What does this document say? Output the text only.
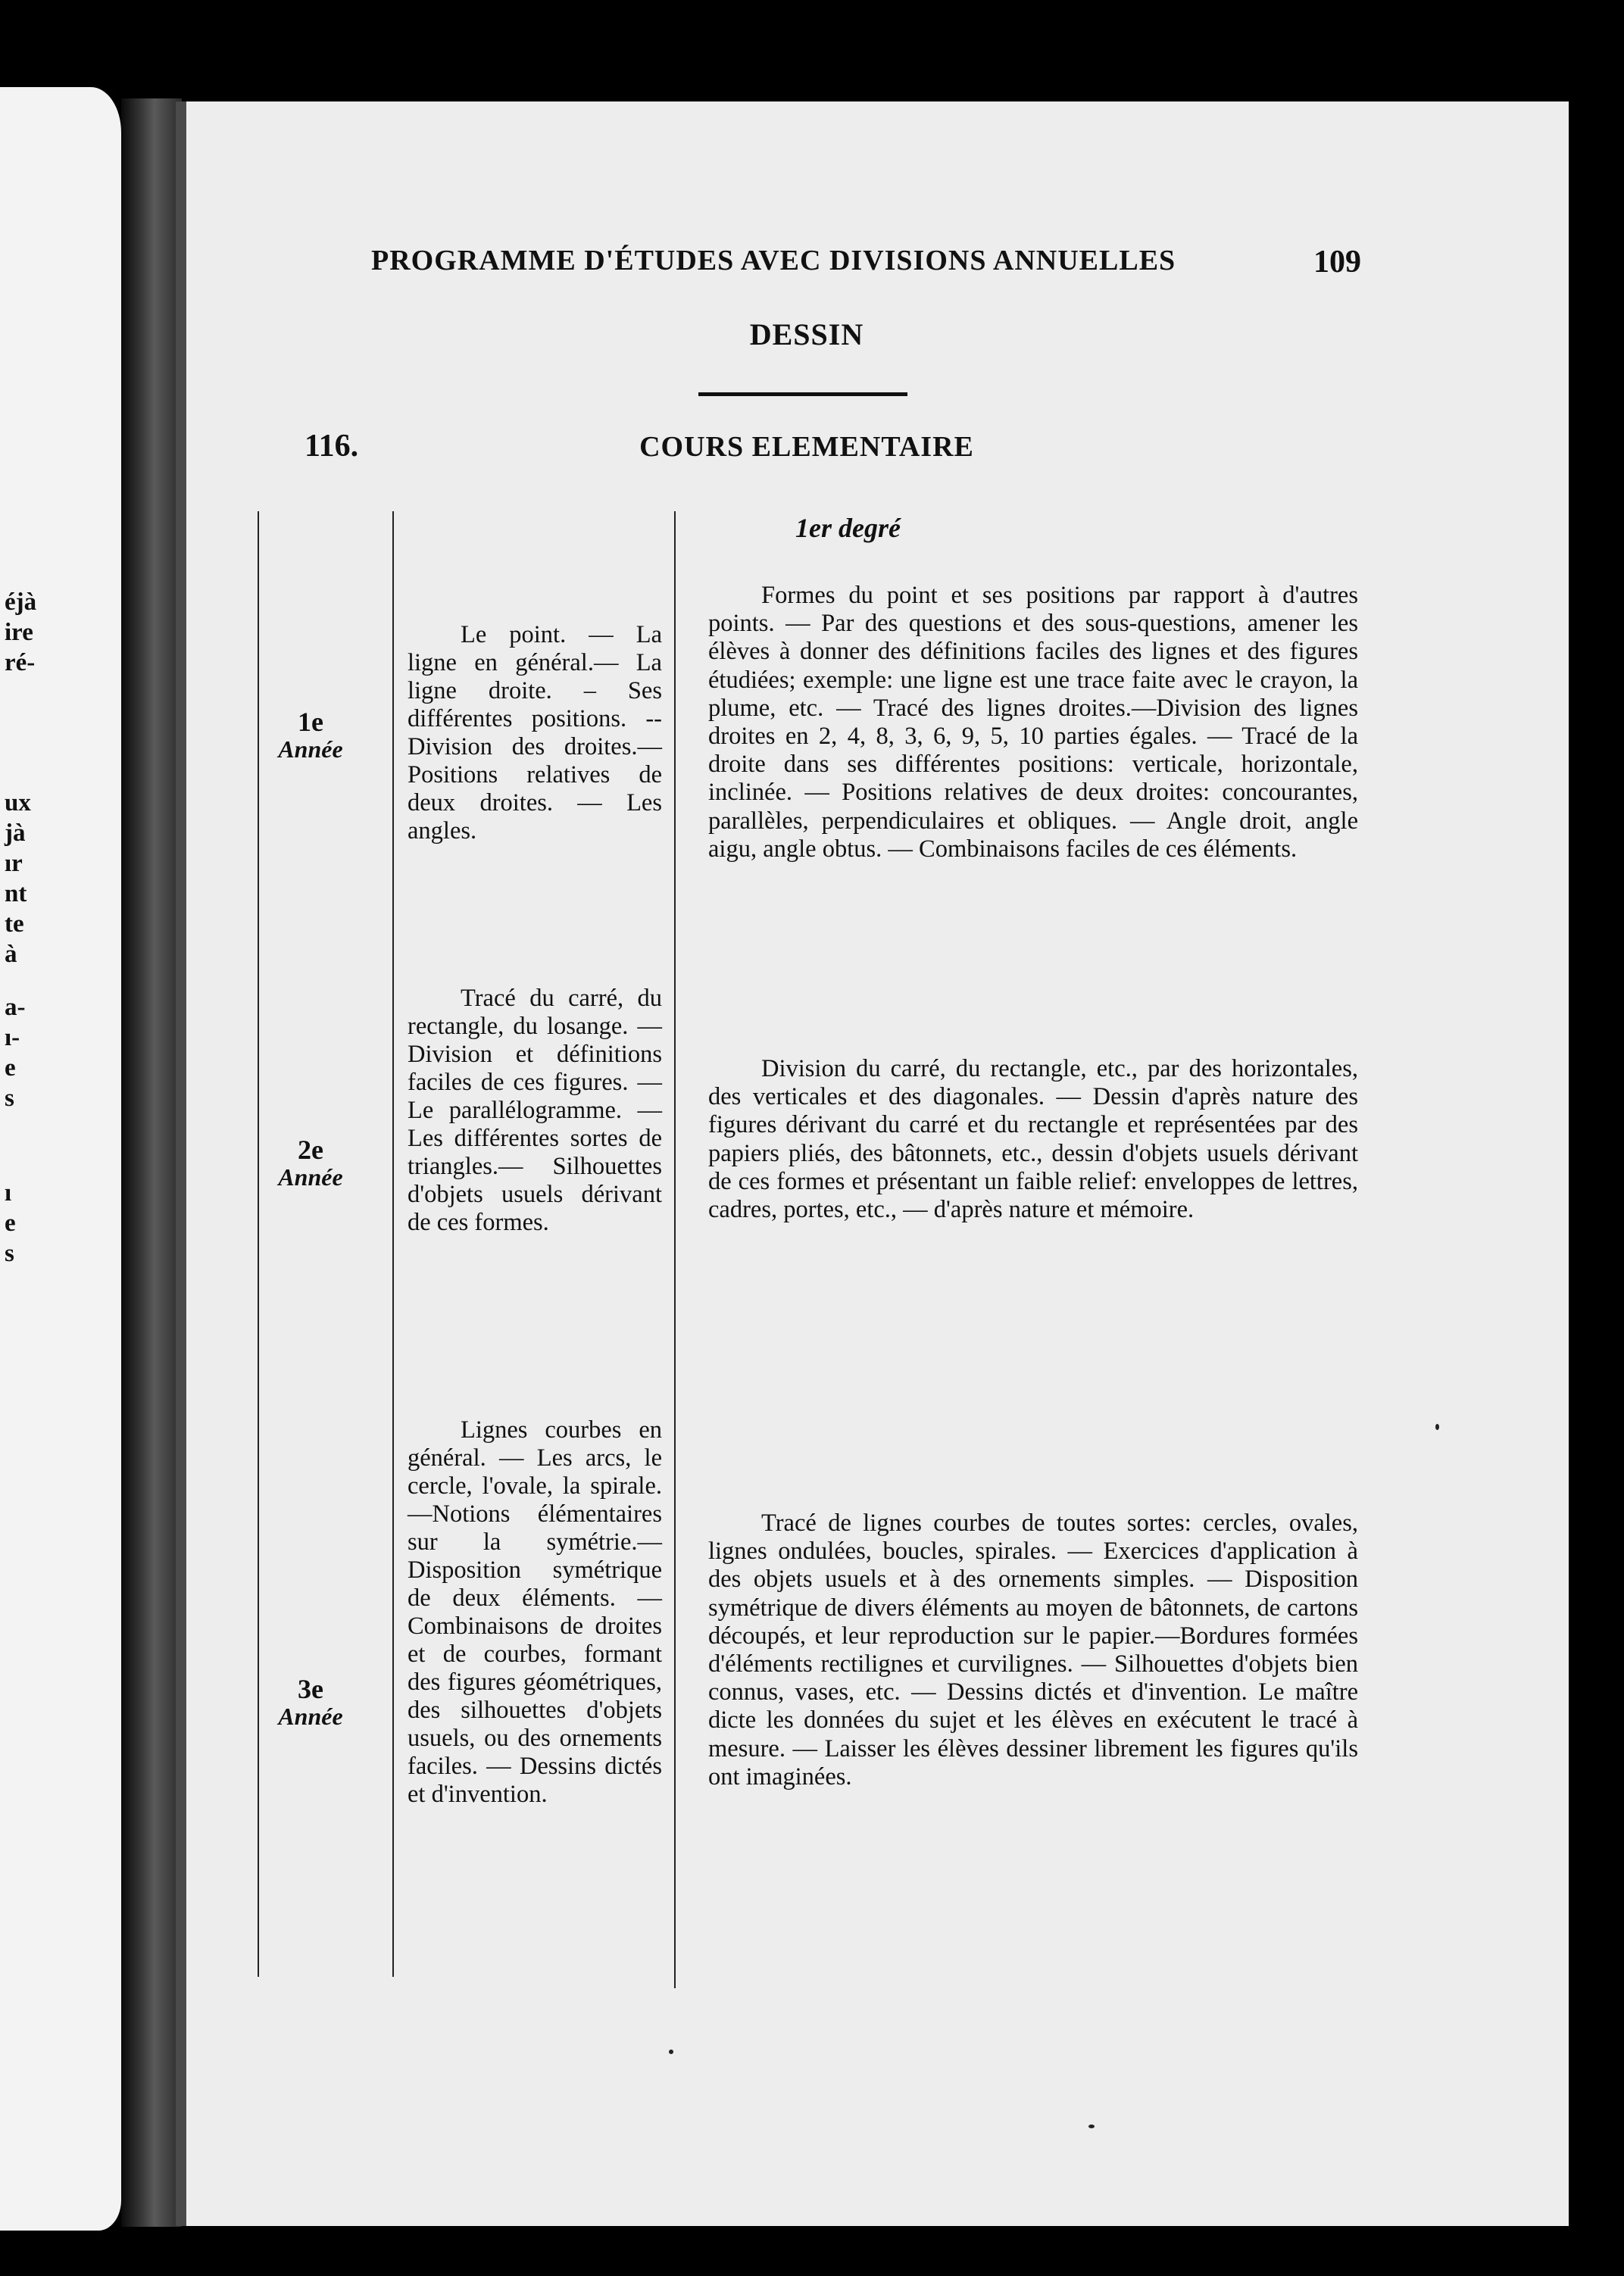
éjà
ire
ré-
ux
jà
ır
nt
te
à
a-
ı-
e
s
ı
e
s
PROGRAMME D'ÉTUDES AVEC DIVISIONS ANNUELLES	109
DESSIN
116.	COURS ELEMENTAIRE
1er degré
1e
Année
Le point. — La ligne en général.— La ligne droite. – Ses différentes positions. -- Division des droites.— Positions relatives de deux droites. — Les angles.
Formes du point et ses positions par rapport à d'autres points. — Par des questions et des sous-questions, amener les élèves à donner des définitions faciles des lignes et des figures étudiées; exemple: une ligne est une trace faite avec le crayon, la plume, etc. — Tracé des lignes droites.—Division des lignes droites en 2, 4, 8, 3, 6, 9, 5, 10 parties égales. — Tracé de la droite dans ses différentes positions: verticale, horizontale, inclinée. — Positions relatives de deux droites: concourantes, parallèles, perpendiculaires et obliques. — Angle droit, angle aigu, angle obtus. — Combinaisons faciles de ces éléments.
2e
Année
Tracé du carré, du rectangle, du losange. — Division et définitions faciles de ces figures. — Le parallélogramme. — Les différentes sortes de triangles.— Silhouettes d'objets usuels dérivant de ces formes.
Division du carré, du rectangle, etc., par des horizontales, des verticales et des diagonales. — Dessin d'après nature des figures dérivant du carré et du rectangle et représentées par des papiers pliés, des bâtonnets, etc., dessin d'objets usuels dérivant de ces formes et présentant un faible relief: enveloppes de lettres, cadres, portes, etc., — d'après nature et mémoire.
3e
Année
Lignes courbes en général. — Les arcs, le cercle, l'ovale, la spirale. —Notions élémentaires sur la symétrie.— Disposition symétrique de deux éléments. — Combinaisons de droites et de courbes, formant des figures géométriques, des silhouettes d'objets usuels, ou des ornements faciles. — Dessins dictés et d'invention.
Tracé de lignes courbes de toutes sortes: cercles, ovales, lignes ondulées, boucles, spirales. — Exercices d'application à des objets usuels et à des ornements simples. — Disposition symétrique de divers éléments au moyen de bâtonnets, de cartons découpés, et leur reproduction sur le papier.—Bordures formées d'éléments rectilignes et curvilignes. — Silhouettes d'objets bien connus, vases, etc. — Dessins dictés et d'invention. Le maître dicte les données du sujet et les élèves en exécutent le tracé à mesure. — Laisser les élèves dessiner librement les figures qu'ils ont imaginées.
